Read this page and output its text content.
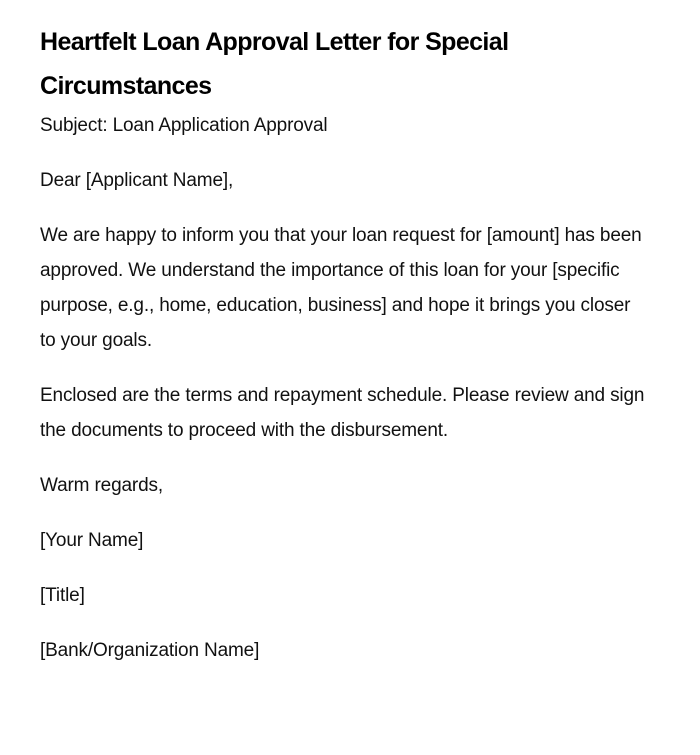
Heartfelt Loan Approval Letter for Special Circumstances

Subject: Loan Application Approval

Dear [Applicant Name],

We are happy to inform you that your loan request for [amount] has been approved. We understand the importance of this loan for your [specific purpose, e.g., home, education, business] and hope it brings you closer to your goals.

Enclosed are the terms and repayment schedule. Please review and sign the documents to proceed with the disbursement.

Warm regards,

[Your Name]

[Title]

[Bank/Organization Name]
